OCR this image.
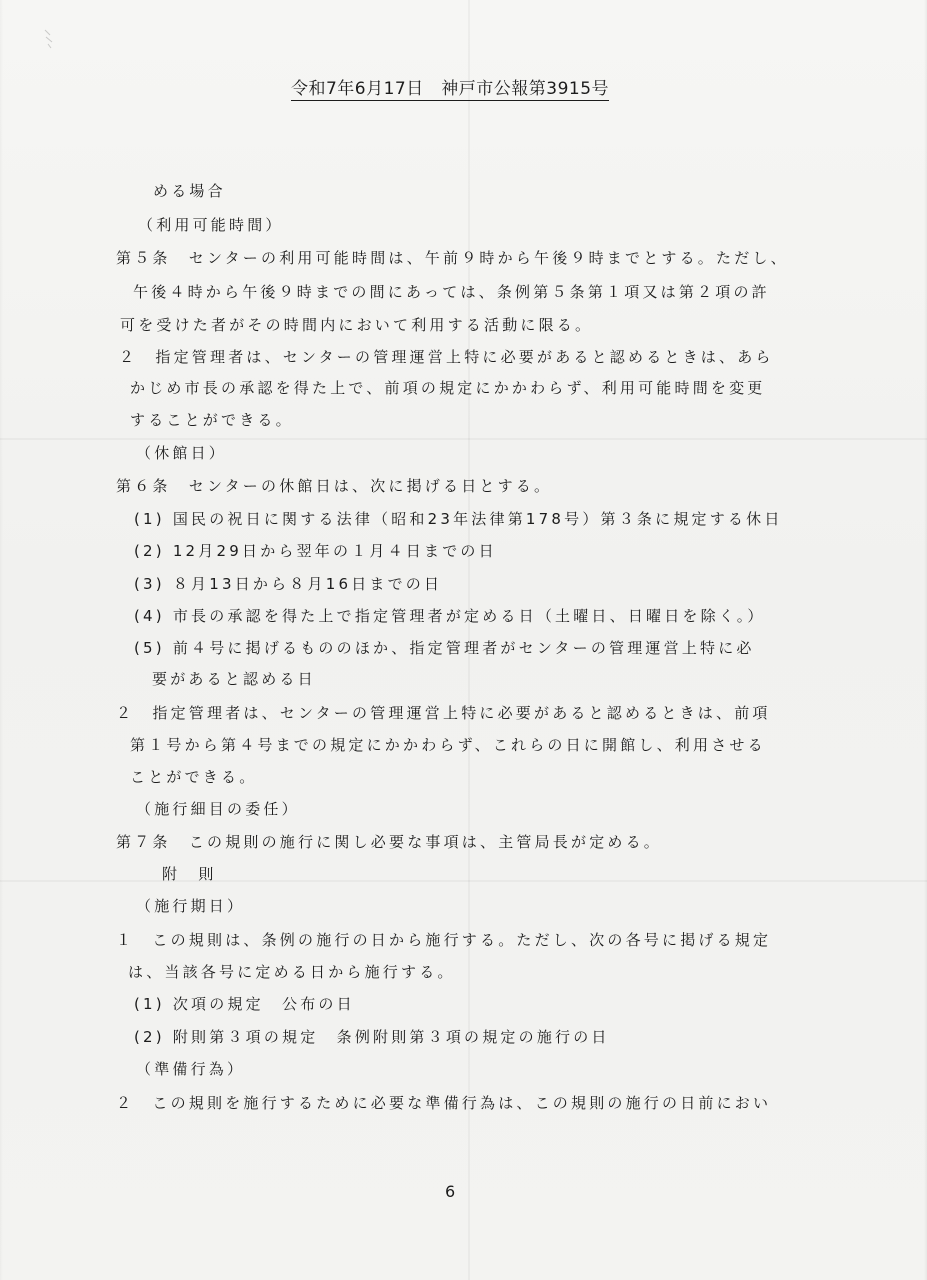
令和7年6月17日　神戸市公報第3915号
める場合
（利用可能時間）
第５条　センターの利用可能時間は、午前９時から午後９時までとする。ただし、
午後４時から午後９時までの間にあっては、条例第５条第１項又は第２項の許
可を受けた者がその時間内において利用する活動に限る。
２　指定管理者は、センターの管理運営上特に必要があると認めるときは、あら
かじめ市長の承認を得た上で、前項の規定にかかわらず、利用可能時間を変更
することができる。
（休館日）
第６条　センターの休館日は、次に掲げる日とする。
(1) 国民の祝日に関する法律（昭和23年法律第178号）第３条に規定する休日
(2) 12月29日から翌年の１月４日までの日
(3) ８月13日から８月16日までの日
(4) 市長の承認を得た上で指定管理者が定める日（土曜日、日曜日を除く。）
(5) 前４号に掲げるもののほか、指定管理者がセンターの管理運営上特に必
要があると認める日
２　指定管理者は、センターの管理運営上特に必要があると認めるときは、前項
第１号から第４号までの規定にかかわらず、これらの日に開館し、利用させる
ことができる。
（施行細目の委任）
第７条　この規則の施行に関し必要な事項は、主管局長が定める。
附　則
（施行期日）
１　この規則は、条例の施行の日から施行する。ただし、次の各号に掲げる規定
は、当該各号に定める日から施行する。
(1) 次項の規定　公布の日
(2) 附則第３項の規定　条例附則第３項の規定の施行の日
（準備行為）
２　この規則を施行するために必要な準備行為は、この規則の施行の日前におい
6
